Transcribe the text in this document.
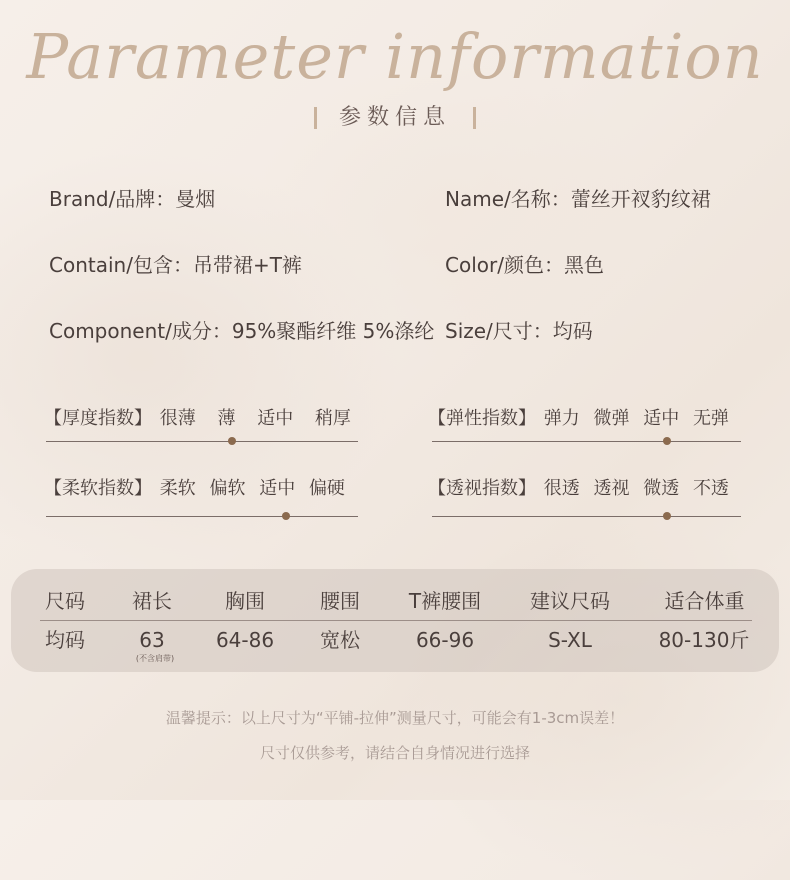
Parameter information
参数信息
Brand/品牌：曼烟	Name/名称：蕾丝开衩豹纹裙
Contain/包含：吊带裙+T裤	Color/颜色：黑色
Component/成分：95%聚酯纤维 5%涤纶 Size/尺寸：均码
【厚度指数】 很薄 薄 适中 稍厚	【弹性指数】 弹力 微弹 适中 无弹
【柔软指数】 柔软 偏软 适中 偏硬	【透视指数】 很透 透视 微透 不透
尺码	裙长	胸围	腰围	T裤腰围	建议尺码	适合体重
均码	63	64-86	宽松	66-96	S-XL	80-130斤
(不含肩带)
温馨提示：以上尺寸为“平铺-拉伸”测量尺寸，可能会有1-3cm误差！
尺寸仅供参考，请结合自身情况进行选择
